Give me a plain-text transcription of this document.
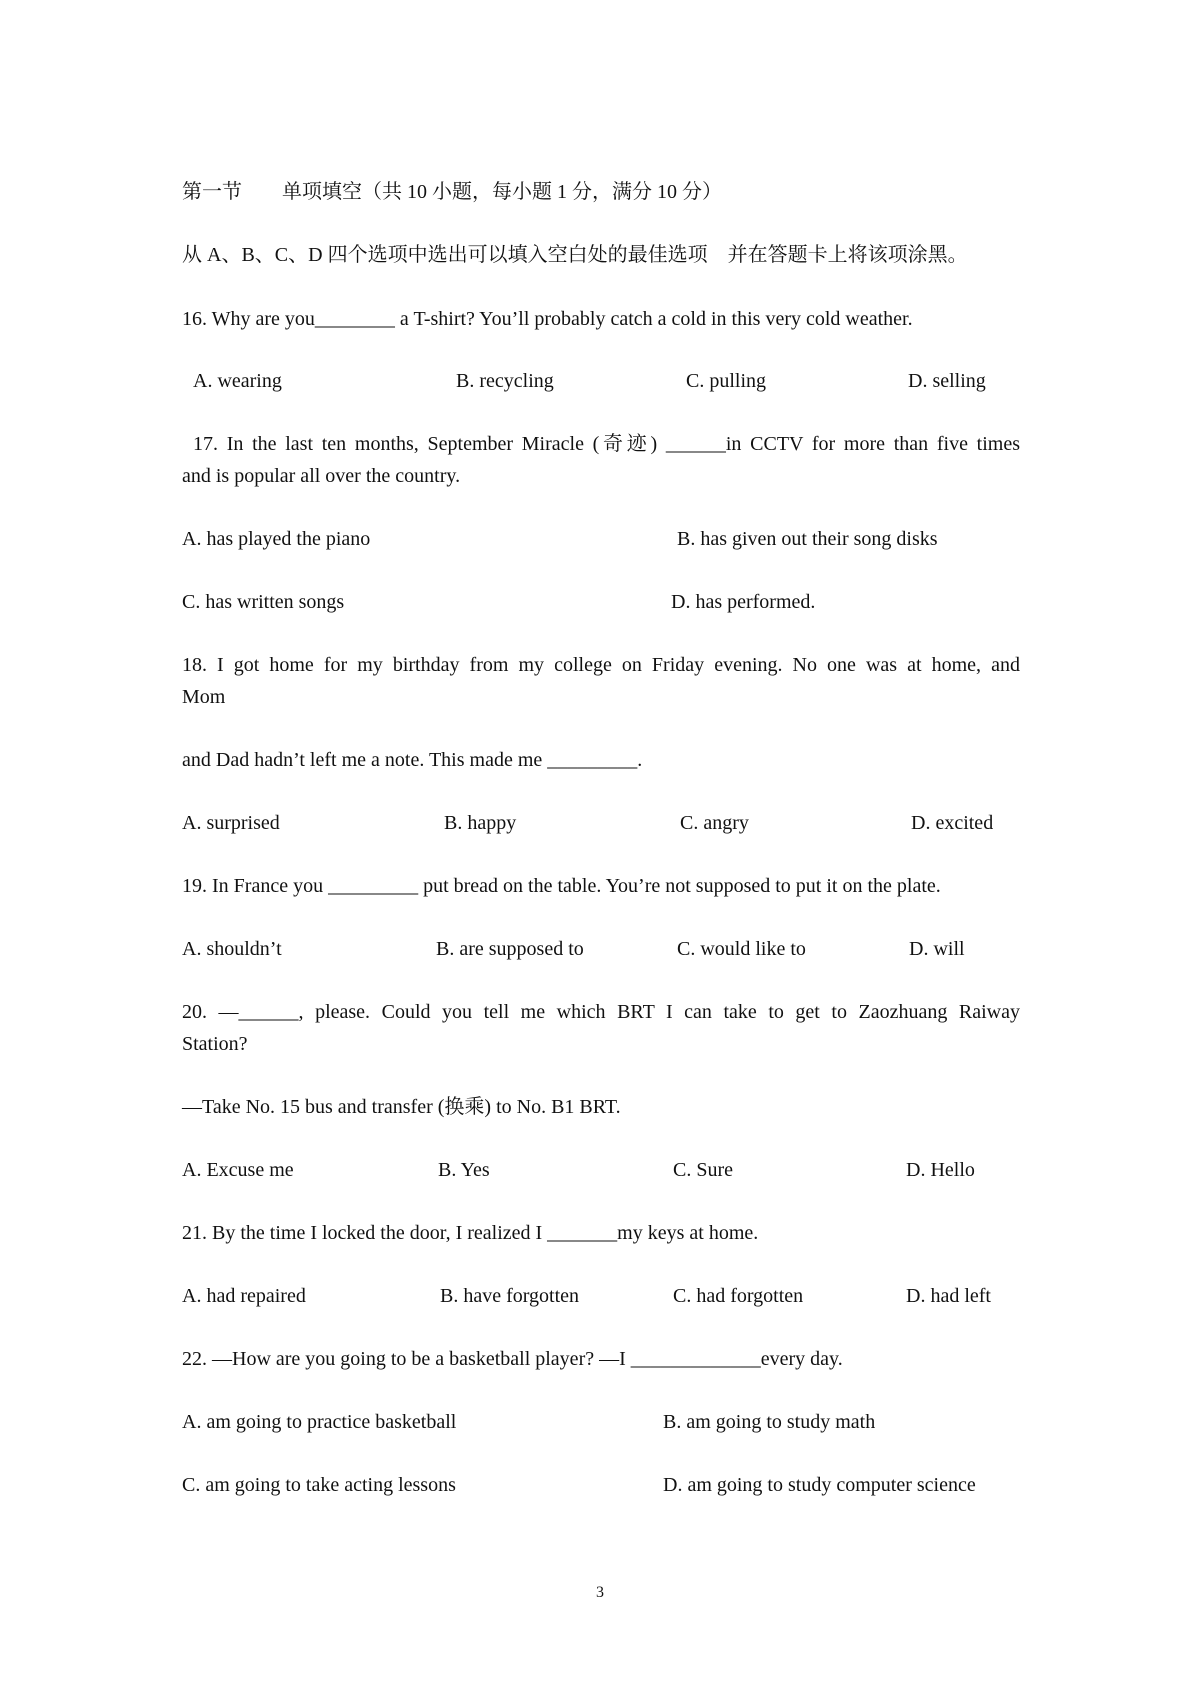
第一节　　单项填空（共 10 小题，每小题 1 分，满分 10 分）
从 A、B、C、D 四个选项中选出可以填入空白处的最佳选项　并在答题卡上将该项涂黑。
16. Why are you________ a T-shirt? You’ll probably catch a cold in this very cold weather.
A. wearing	B. recycling	C. pulling	D. selling
17. In the last ten months, September Miracle (奇迹) ______in CCTV for more than five times
and is popular all over the country.
A. has played the piano	B. has given out their song disks
C. has written songs	D. has performed.
18. I got home for my birthday from my college on Friday evening. No one was at home, and
Mom
and Dad hadn’t left me a note. This made me _________.
A. surprised	B. happy	C. angry	D. excited
19. In France you _________ put bread on the table. You’re not supposed to put it on the plate.
A. shouldn’t	B. are supposed to	C. would like to	D. will
20. —______, please. Could you tell me which BRT I can take to get to Zaozhuang Raiway
Station?
—Take No. 15 bus and transfer (换乘) to No. B1 BRT.
A. Excuse me	B. Yes	C. Sure	D. Hello
21. By the time I locked the door, I realized I _______my keys at home.
A. had repaired	B. have forgotten	C. had forgotten	D. had left
22. —How are you going to be a basketball player? —I _____________every day.
A. am going to practice basketball	B. am going to study math
C. am going to take acting lessons	D. am going to study computer science
3
